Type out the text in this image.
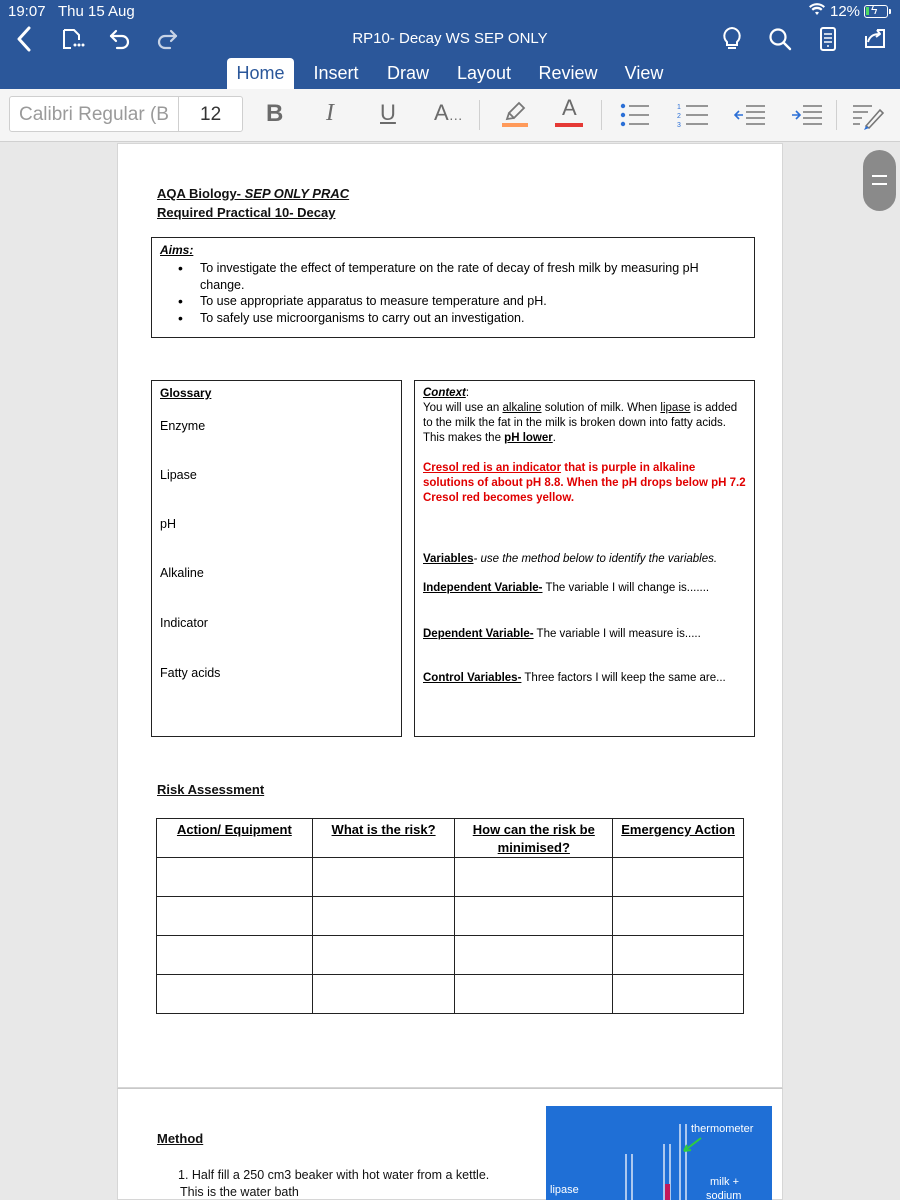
19:07 Thu 15 Aug	12% ϟ
RP10- Decay WS SEP ONLY
Home	Insert	Draw	Layout	Review	View
Calibri Regular (B	12 B I U A…	A	1
2
3
AQA Biology- SEP ONLY PRAC
Required Practical 10- Decay
Aims:
• To investigate the effect of temperature on the rate of decay of fresh milk by measuring pH change.
• To use appropriate apparatus to measure temperature and pH.
• To safely use microorganisms to carry out an investigation.
Glossary
Enzyme
Lipase
pH
Alkaline
Indicator
Fatty acids
Context:
You will use an alkaline solution of milk. When lipase is added to the milk the fat in the milk is broken down into fatty acids. This makes the pH lower.
Cresol red is an indicator that is purple in alkaline solutions of about pH 8.8. When the pH drops below pH 7.2 Cresol red becomes yellow.
Variables- use the method below to identify the variables.
Independent Variable- The variable I will change is.......
Dependent Variable- The variable I will measure is.....
Control Variables- Three factors I will keep the same are...
Risk Assessment
Action/ Equipment	What is the risk?	How can the risk be minimised?	Emergency Action

Method
1. Half fill a 250 cm3 beaker with hot water from a kettle.
This is the water bath
thermometer
lipase
milk +
sodium
